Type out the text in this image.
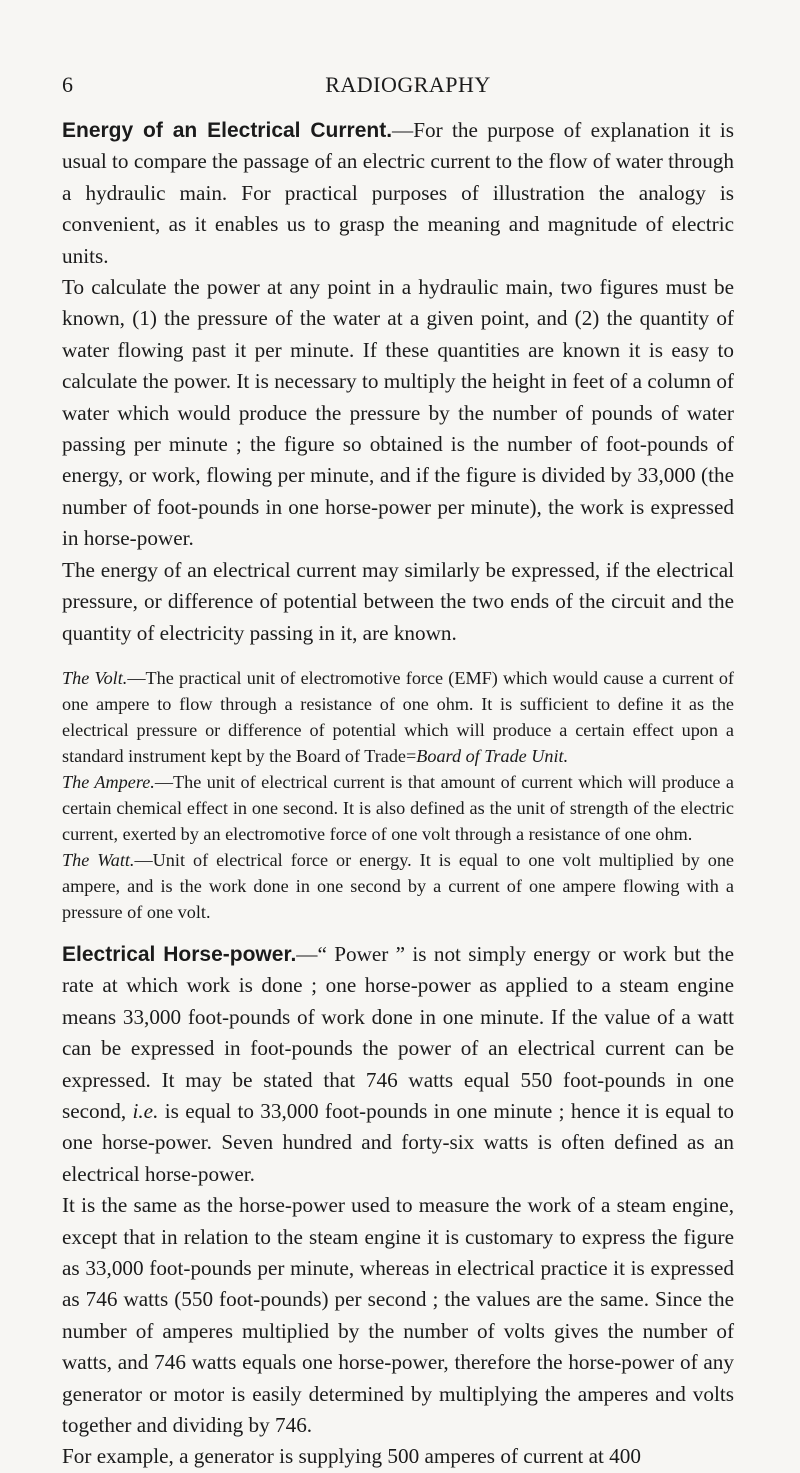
6	RADIOGRAPHY

Energy of an Electrical Current.—For the purpose of explanation it is usual to compare the passage of an electric current to the flow of water through a hydraulic main. For practical purposes of illustration the analogy is convenient, as it enables us to grasp the meaning and magnitude of electric units.

To calculate the power at any point in a hydraulic main, two figures must be known, (1) the pressure of the water at a given point, and (2) the quantity of water flowing past it per minute. If these quantities are known it is easy to calculate the power. It is necessary to multiply the height in feet of a column of water which would produce the pressure by the number of pounds of water passing per minute ; the figure so obtained is the number of foot-pounds of energy, or work, flowing per minute, and if the figure is divided by 33,000 (the number of foot-pounds in one horse-power per minute), the work is expressed in horse-power.

The energy of an electrical current may similarly be expressed, if the electrical pressure, or difference of potential between the two ends of the circuit and the quantity of electricity passing in it, are known.

The Volt.—The practical unit of electromotive force (EMF) which would cause a current of one ampere to flow through a resistance of one ohm. It is sufficient to define it as the electrical pressure or difference of potential which will produce a certain effect upon a standard instrument kept by the Board of Trade=Board of Trade Unit.

The Ampere.—The unit of electrical current is that amount of current which will produce a certain chemical effect in one second. It is also defined as the unit of strength of the electric current, exerted by an electromotive force of one volt through a resistance of one ohm.

The Watt.—Unit of electrical force or energy. It is equal to one volt multiplied by one ampere, and is the work done in one second by a current of one ampere flowing with a pressure of one volt.

Electrical Horse-power.—“ Power ” is not simply energy or work but the rate at which work is done ; one horse-power as applied to a steam engine means 33,000 foot-pounds of work done in one minute. If the value of a watt can be expressed in foot-pounds the power of an electrical current can be expressed. It may be stated that 746 watts equal 550 foot-pounds in one second, i.e. is equal to 33,000 foot-pounds in one minute ; hence it is equal to one horse-power. Seven hundred and forty-six watts is often defined as an electrical horse-power.

It is the same as the horse-power used to measure the work of a steam engine, except that in relation to the steam engine it is customary to express the figure as 33,000 foot-pounds per minute, whereas in electrical practice it is expressed as 746 watts (550 foot-pounds) per second ; the values are the same. Since the number of amperes multiplied by the number of volts gives the number of watts, and 746 watts equals one horse-power, therefore the horse-power of any generator or motor is easily determined by multiplying the amperes and volts together and dividing by 746.

For example, a generator is supplying 500 amperes of current at 400
